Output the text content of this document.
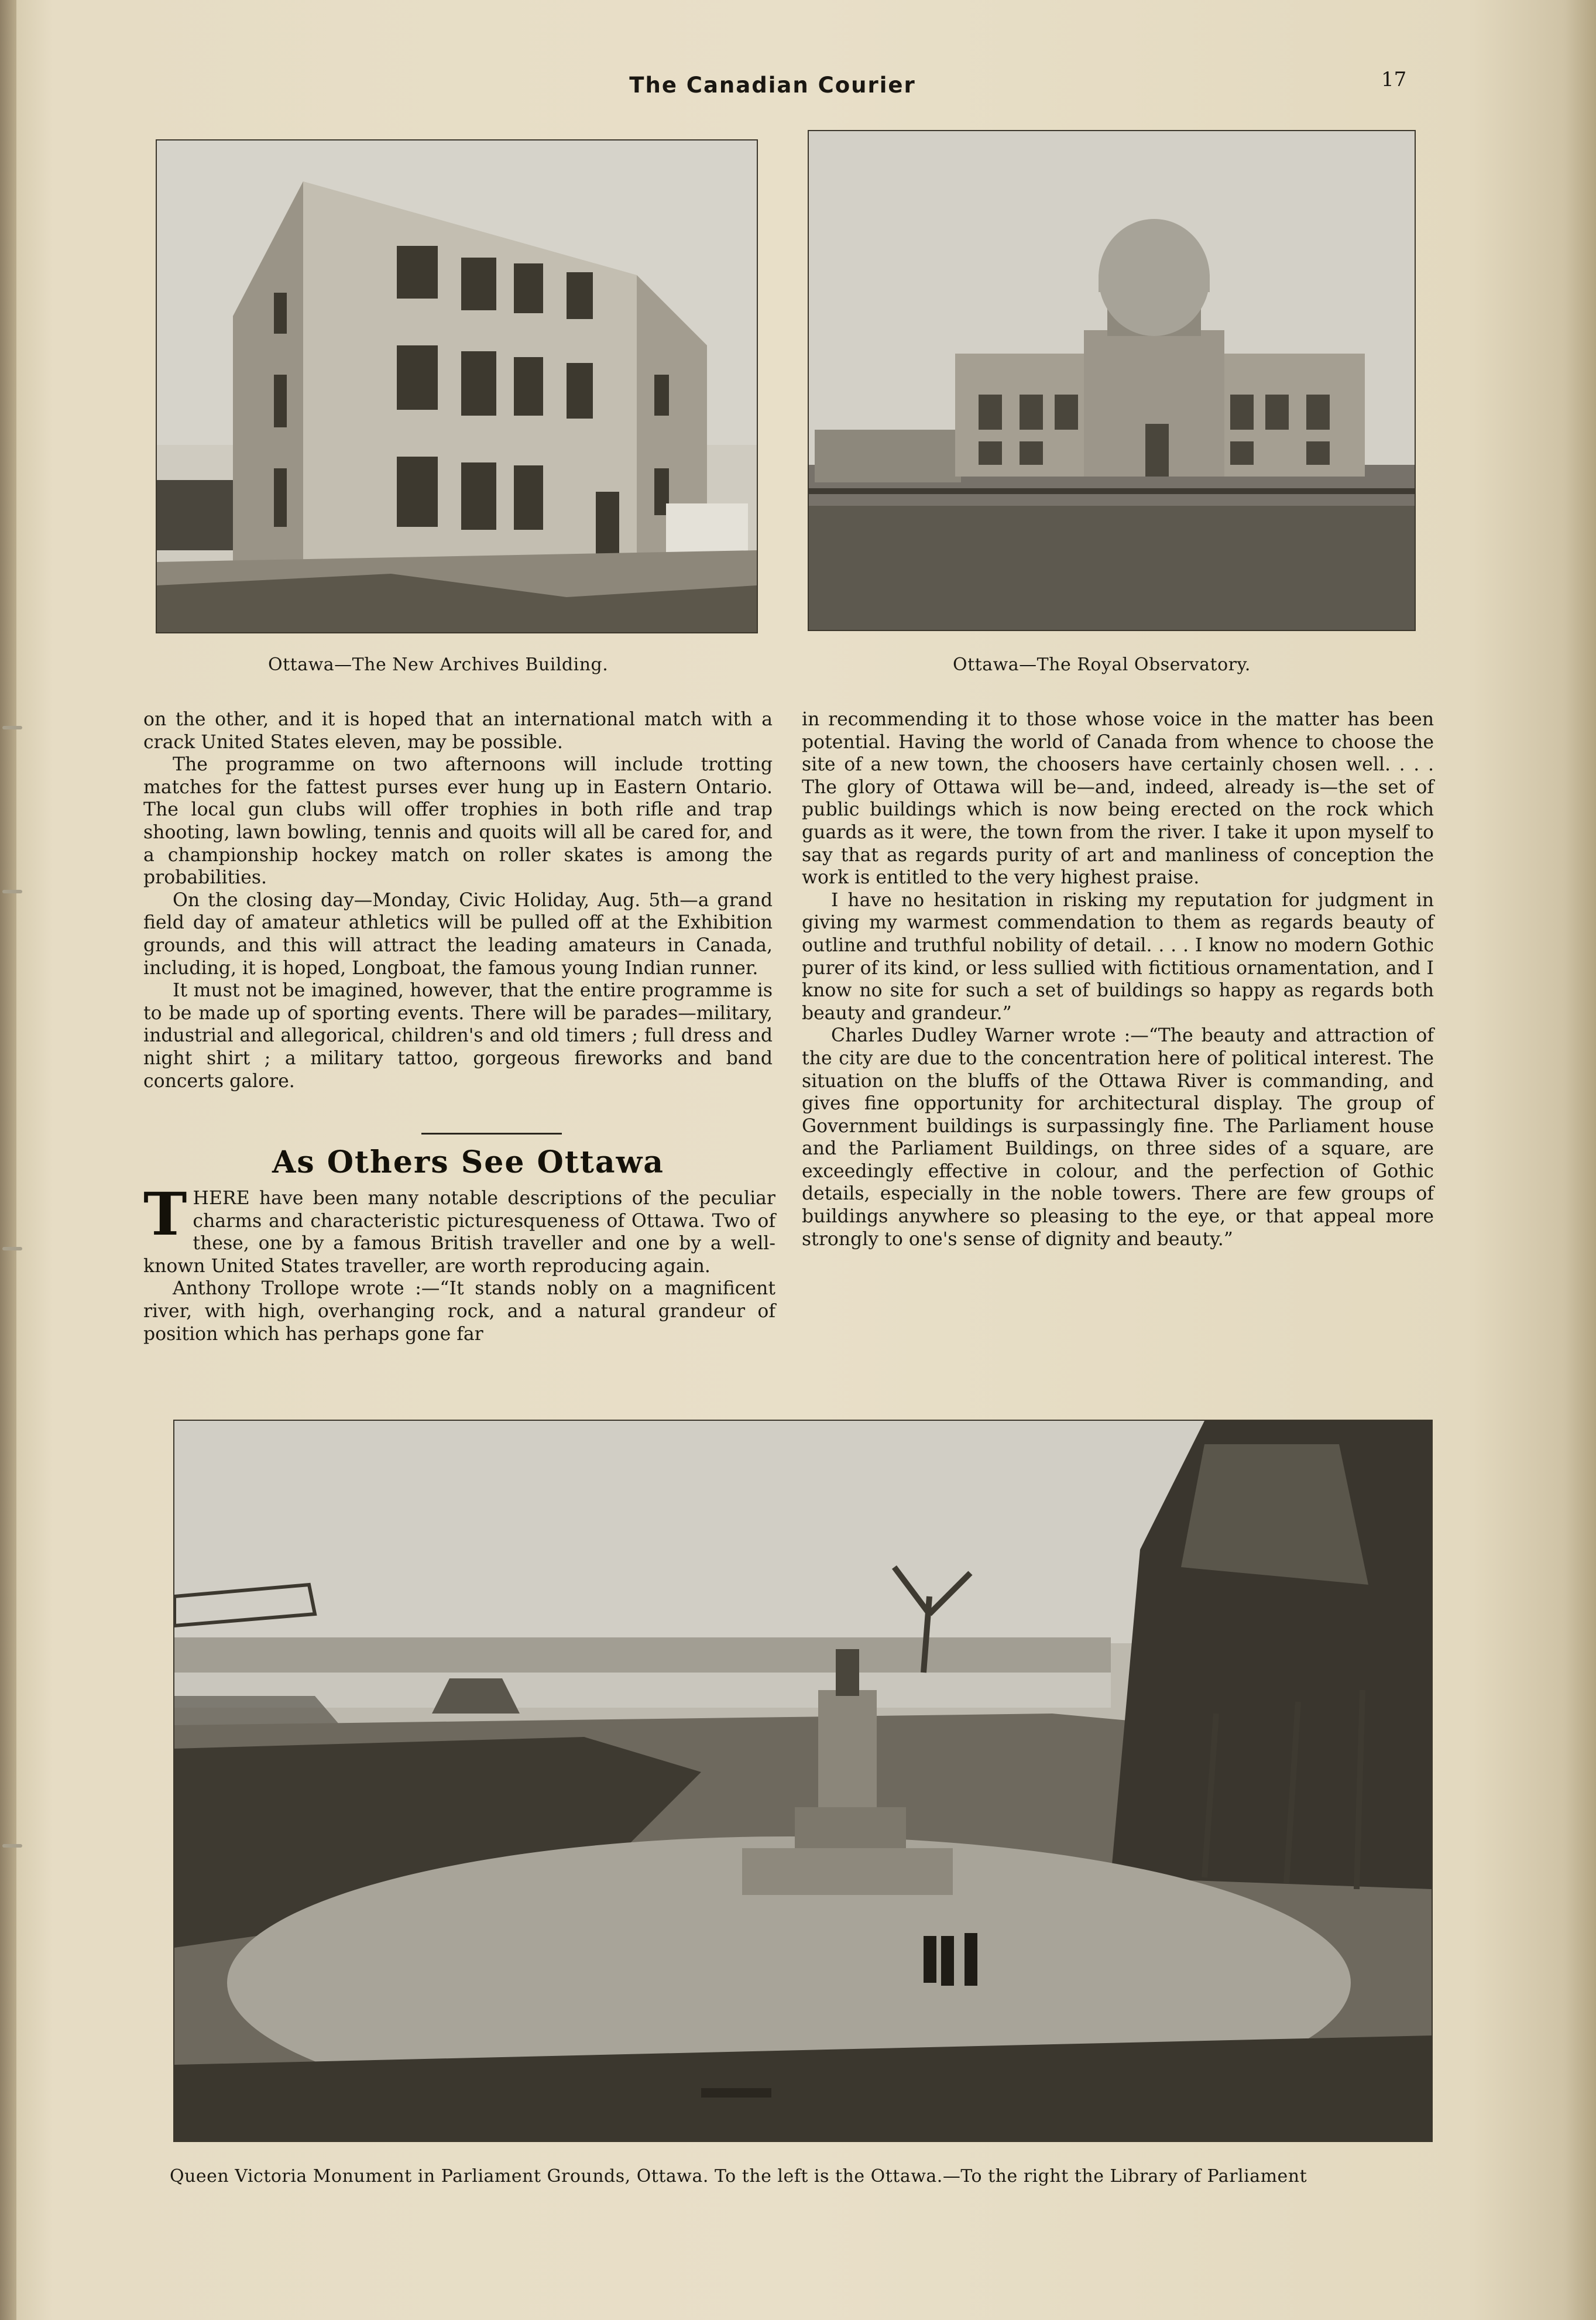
The Canadian Courier	17
Ottawa—The New Archives Building.	Ottawa—The Royal Observatory.

on the other, and it is hoped that an international match with a crack United States eleven, may be possible.

The programme on two afternoons will include trotting matches for the fattest purses ever hung up in Eastern Ontario. The local gun clubs will offer trophies in both rifle and trap shooting, lawn bowling, tennis and quoits will all be cared for, and a championship hockey match on roller skates is among the probabilities.

On the closing day—Monday, Civic Holiday, Aug. 5th—a grand field day of amateur athletics will be pulled off at the Exhibition grounds, and this will attract the leading amateurs in Canada, including, it is hoped, Longboat, the famous young Indian runner.

It must not be imagined, however, that the entire programme is to be made up of sporting events. There will be parades—military, industrial and allegorical, children's and old timers ; full dress and night shirt ; a military tattoo, gorgeous fireworks and band concerts galore.

As Others See Ottawa

THERE have been many notable descriptions of the peculiar charms and characteristic picturesqueness of Ottawa. Two of these, one by a famous British traveller and one by a well-known United States traveller, are worth reproducing again.

Anthony Trollope wrote :—“It stands nobly on a magnificent river, with high, overhanging rock, and a natural grandeur of position which has perhaps gone far

in recommending it to those whose voice in the matter has been potential. Having the world of Canada from whence to choose the site of a new town, the choosers have certainly chosen well. . . . The glory of Ottawa will be—and, indeed, already is—the set of public buildings which is now being erected on the rock which guards as it were, the town from the river. I take it upon myself to say that as regards purity of art and manliness of conception the work is entitled to the very highest praise.

I have no hesitation in risking my reputation for judgment in giving my warmest commendation to them as regards beauty of outline and truthful nobility of detail. . . . I know no modern Gothic purer of its kind, or less sullied with fictitious ornamentation, and I know no site for such a set of buildings so happy as regards both beauty and grandeur.”

Charles Dudley Warner wrote :—“The beauty and attraction of the city are due to the concentration here of political interest. The situation on the bluffs of the Ottawa River is commanding, and gives fine opportunity for architectural display. The group of Government buildings is surpassingly fine. The Parliament house and the Parliament Buildings, on three sides of a square, are exceedingly effective in colour, and the perfection of Gothic details, especially in the noble towers. There are few groups of buildings anywhere so pleasing to the eye, or that appeal more strongly to one's sense of dignity and beauty.”

Queen Victoria Monument in Parliament Grounds, Ottawa. To the left is the Ottawa.—To the right the Library of Parliament
